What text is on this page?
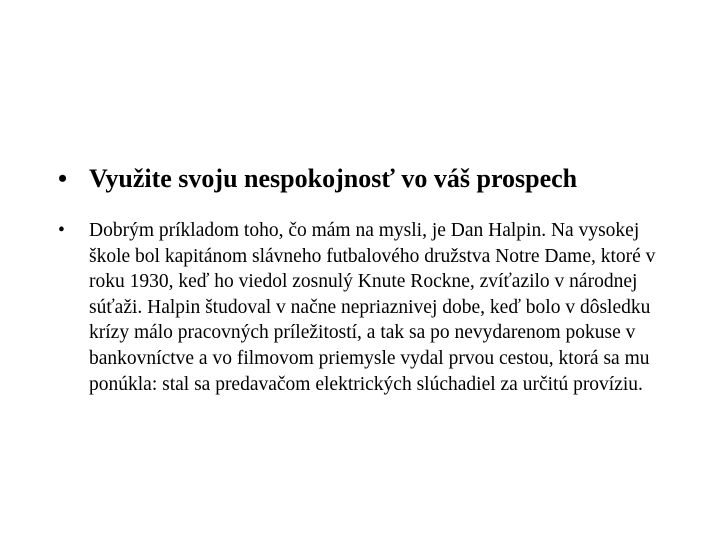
• Využite svoju nespokojnosť vo váš prospech
• Dobrým príkladom toho, čo mám na mysli, je Dan Halpin. Na vysokej škole bol kapitánom slávneho futbalového družstva Notre Dame, ktoré v roku 1930, keď ho viedol zosnulý Knute Rockne, zvíťazilo v národnej súťaži. Halpin študoval v načne nepriaznivej dobe, keď bolo v dôsledku krízy málo pracovných príležitostí, a tak sa po nevydarenom pokuse v bankovníctve a vo filmovom priemysle vydal prvou cestou, ktorá sa mu ponúkla: stal sa predavačom elektrických slúchadiel za určitú províziu.
